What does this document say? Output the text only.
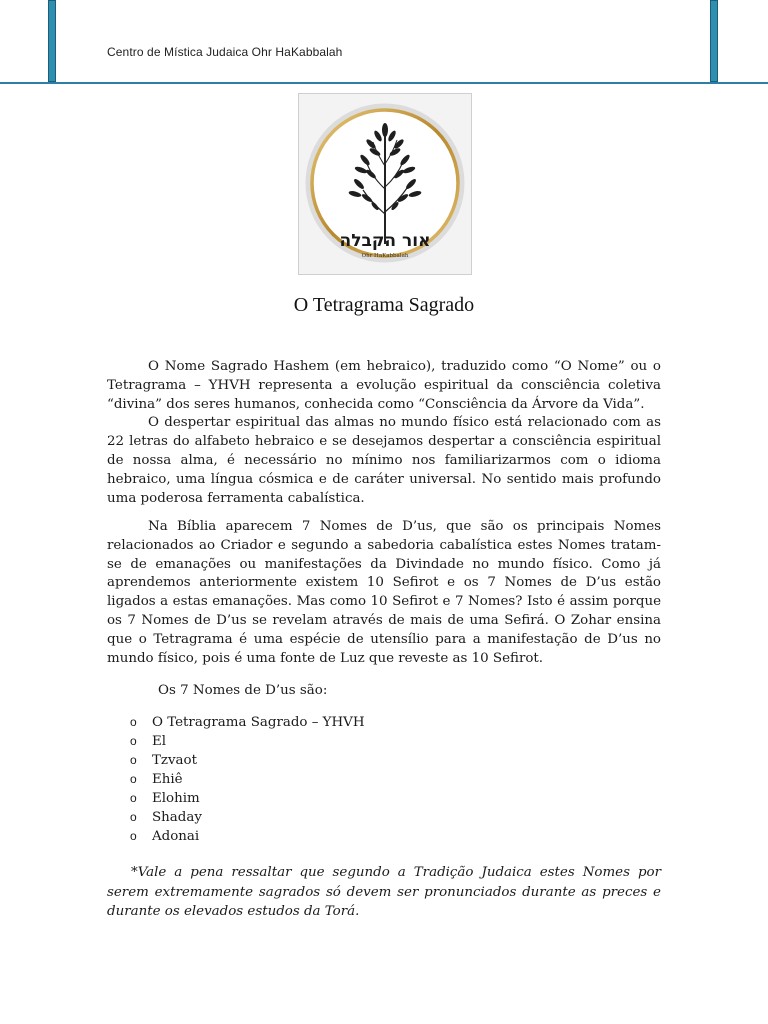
Centro de Mística Judaica Ohr HaKabbalah
אור הקבלה
Ohr HaKabbalah
O Tetragrama Sagrado

O Nome Sagrado Hashem (em hebraico), traduzido como “O Nome” ou o Tetragrama – YHVH representa a evolução espiritual da consciência coletiva “divina” dos seres humanos, conhecida como “Consciência da Árvore da Vida”.

O despertar espiritual das almas no mundo físico está relacionado com as 22 letras do alfabeto hebraico e se desejamos despertar a consciência espiritual de nossa alma, é necessário no mínimo nos familiarizarmos com o idioma hebraico, uma língua cósmica e de caráter universal. No sentido mais profundo uma poderosa ferramenta cabalística.

Na Bíblia aparecem 7 Nomes de D’us, que são os principais Nomes relacionados ao Criador e segundo a sabedoria cabalística estes Nomes tratam-se de emanações ou manifestações da Divindade no mundo físico. Como já aprendemos anteriormente existem 10 Sefirot e os 7 Nomes de D’us estão ligados a estas emanações. Mas como 10 Sefirot e 7 Nomes? Isto é assim porque os 7 Nomes de D’us se revelam através de mais de uma Sefirá. O Zohar ensina que o Tetragrama é uma espécie de utensílio para a manifestação de D’us no mundo físico, pois é uma fonte de Luz que reveste as 10 Sefirot.

Os 7 Nomes de D’us são:
o O Tetragrama Sagrado – YHVH
o El
o Tzvaot
o Ehiê
o Elohim
o Shaday
o Adonai
*Vale a pena ressaltar que segundo a Tradição Judaica estes Nomes por serem extremamente sagrados só devem ser pronunciados durante as preces e durante os elevados estudos da Torá.
